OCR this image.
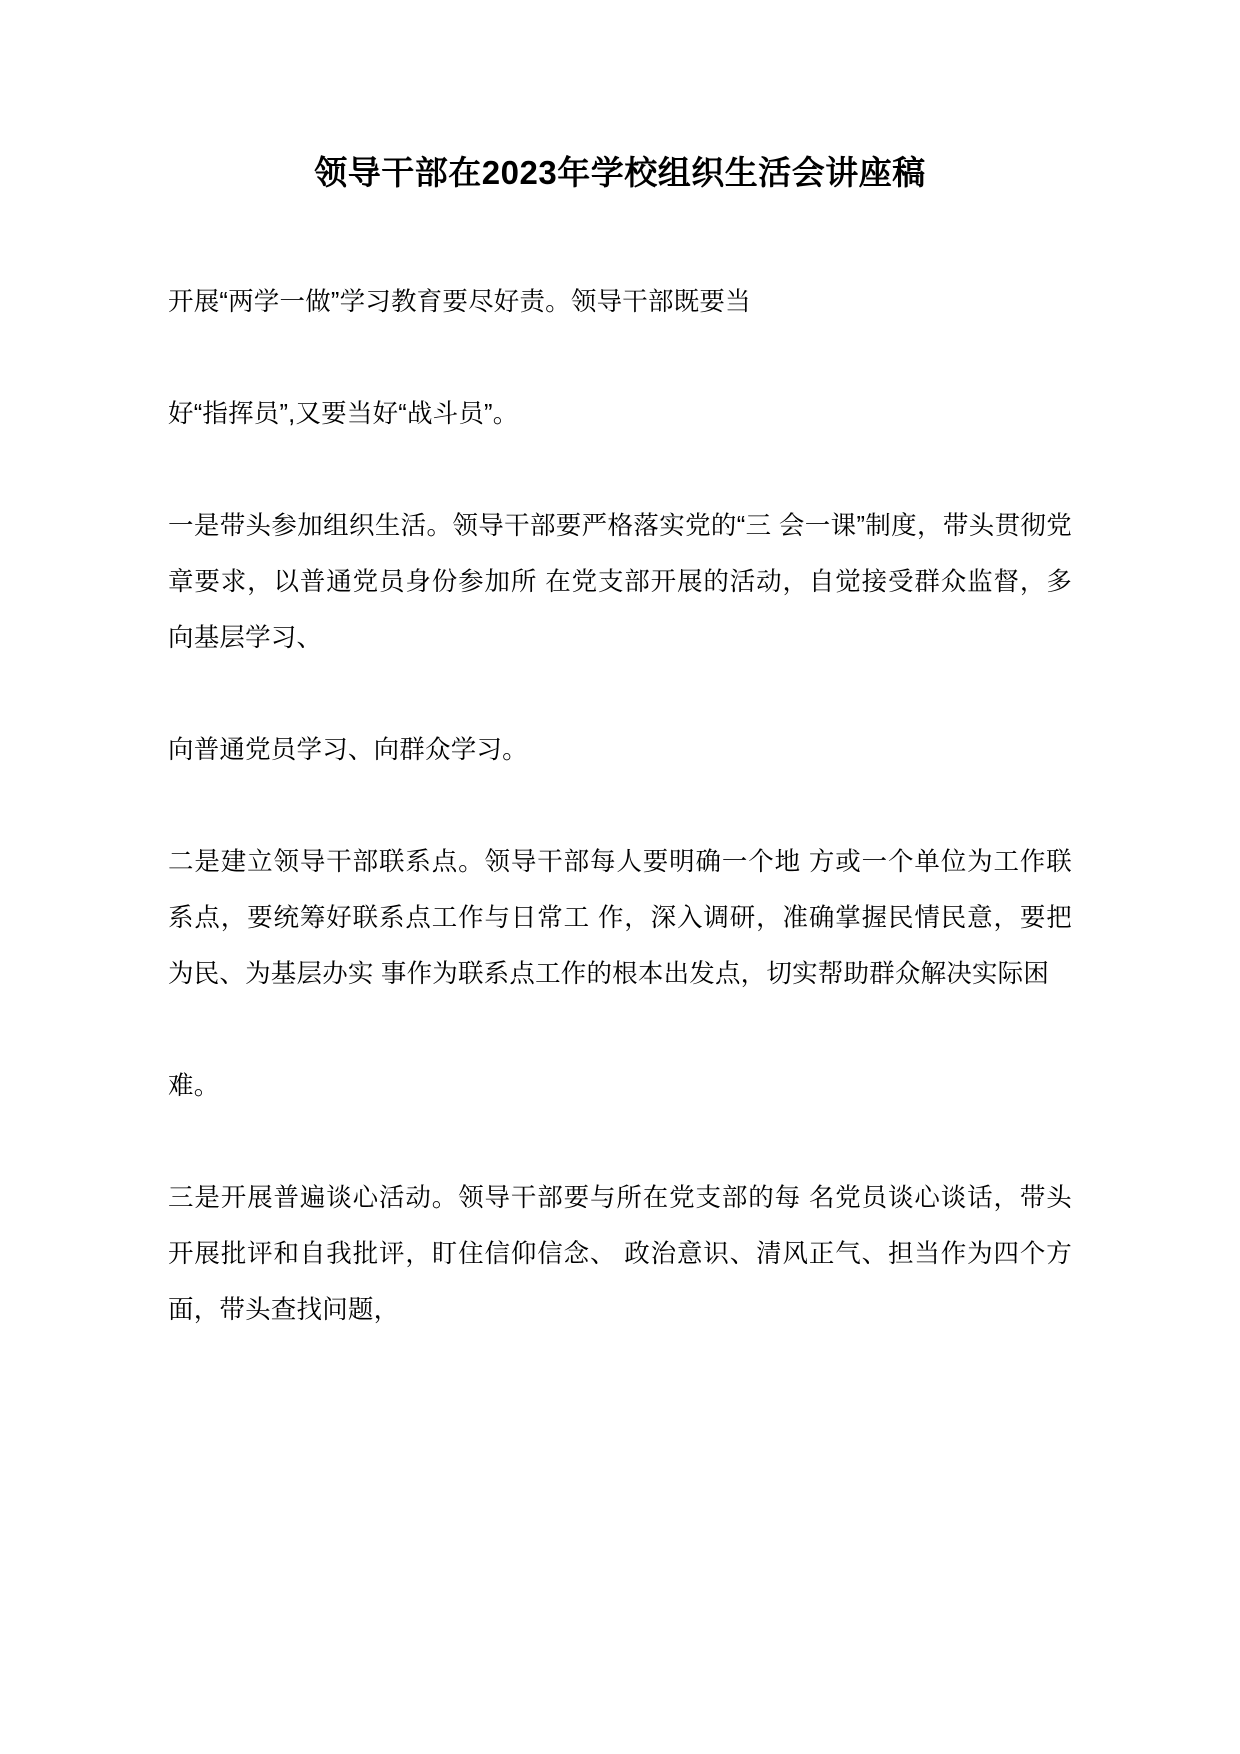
领导干部在2023年学校组织生活会讲座稿

开展“两学一做”学习教育要尽好责。领导干部既要当

好“指挥员”,又要当好“战斗员”。

一是带头参加组织生活。领导干部要严格落实党的“三 会一课”制度，带头贯彻党章要求，以普通党员身份参加所 在党支部开展的活动，自觉接受群众监督，多向基层学习、

向普通党员学习、向群众学习。

二是建立领导干部联系点。领导干部每人要明确一个地 方或一个单位为工作联系点，要统筹好联系点工作与日常工 作，深入调研，准确掌握民情民意，要把为民、为基层办实 事作为联系点工作的根本出发点，切实帮助群众解决实际困

难。

三是开展普遍谈心活动。领导干部要与所在党支部的每 名党员谈心谈话，带头开展批评和自我批评，盯住信仰信念、 政治意识、清风正气、担当作为四个方面，带头查找问题，
